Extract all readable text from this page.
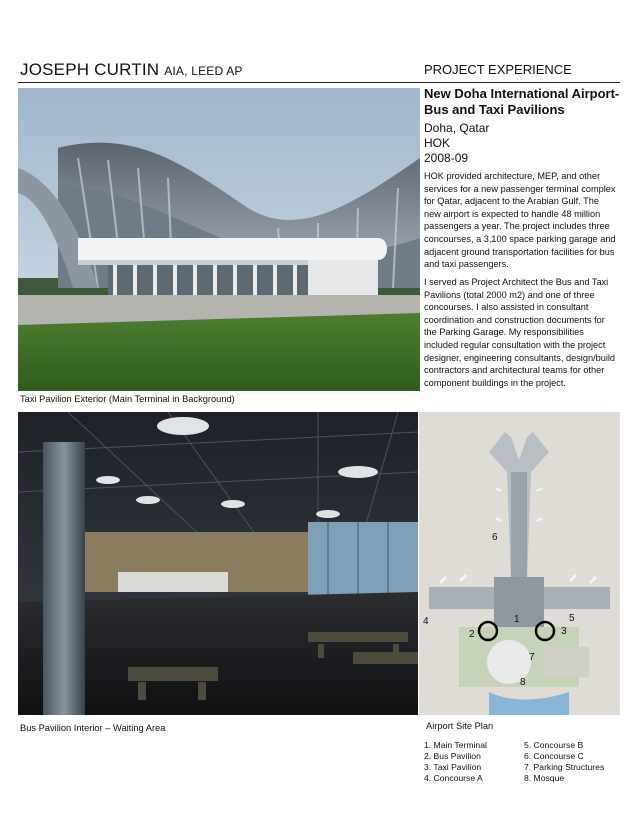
JOSEPH CURTIN AIA, LEED AP	PROJECT EXPERIENCE
Taxi Pavilion Exterior (Main Terminal in Background)
New Doha International Airport-
Bus and Taxi Pavilions
Doha, Qatar
HOK
2008-09

HOK provided architecture, MEP, and other services for a new passenger terminal complex for Qatar, adjacent to the Arabian Gulf. The new airport is expected to handle 48 million passengers a year. The project includes three concourses, a 3,100 space parking garage and adjacent ground transportation facilities for bus and taxi passengers.

I served as Project Architect the Bus and Taxi Pavilions (total 2000 m2) and one of three concourses. I also assisted in consultant coordination and construction documents for the Parking Garage. My responsibilities included regular consultation with the project designer, engineering consultants, design/build contractors and architectural teams for other component buildings in the project.

Bus Pavilion Interior – Waiting Area
1
2	3
4	5
6
7
8
Airport Site Plan
1. Main Terminal
2. Bus Pavilion
3. Taxi Pavilion
4. Concourse A
5. Concourse B
6. Concourse C
7. Parking Structures
8. Mosque
